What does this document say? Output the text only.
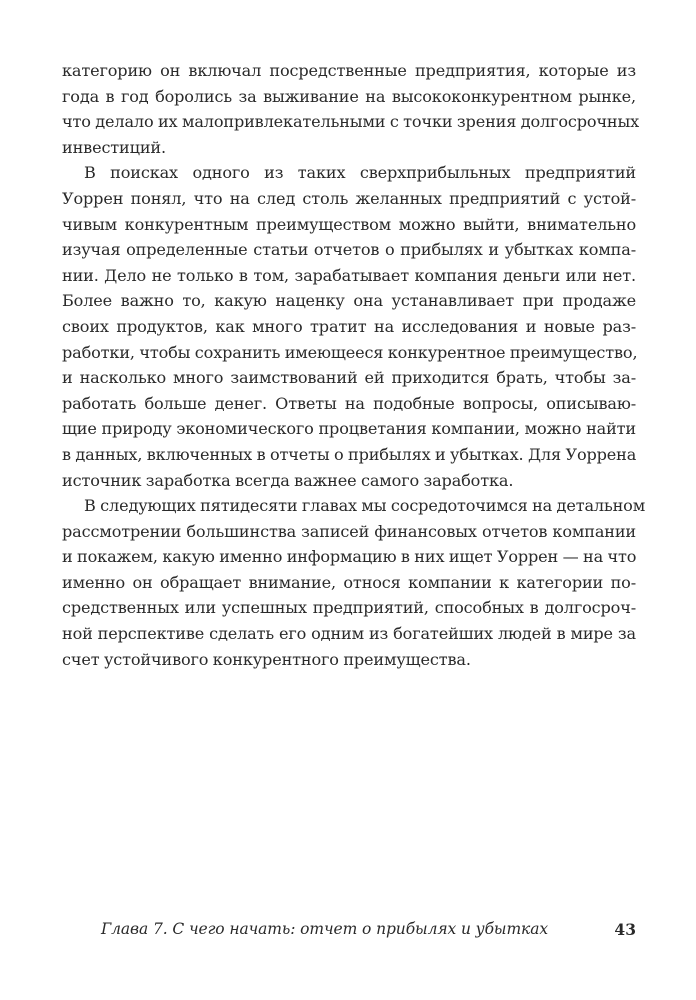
категорию он включал посредственные предприятия, которые из
года в год боролись за выживание на высококонкурентном рынке,
что делало их малопривлекательными с точки зрения долгосрочных
инвестиций.
В поисках одного из таких сверхприбыльных предприятий
Уоррен понял, что на след столь желанных предприятий с устой-
чивым конкурентным преимуществом можно выйти, внимательно
изучая определенные статьи отчетов о прибылях и убытках компа-
нии. Дело не только в том, зарабатывает компания деньги или нет.
Более важно то, какую наценку она устанавливает при продаже
своих продуктов, как много тратит на исследования и новые раз-
работки, чтобы сохранить имеющееся конкурентное преимущество,
и насколько много заимствований ей приходится брать, чтобы за-
работать больше денег. Ответы на подобные вопросы, описываю-
щие природу экономического процветания компании, можно найти
в данных, включенных в отчеты о прибылях и убытках. Для Уоррена
источник заработка всегда важнее самого заработка.
В следующих пятидесяти главах мы сосредоточимся на детальном
рассмотрении большинства записей финансовых отчетов компании
и покажем, какую именно информацию в них ищет Уоррен — на что
именно он обращает внимание, относя компании к категории по-
средственных или успешных предприятий, способных в долгосроч-
ной перспективе сделать его одним из богатейших людей в мире за
счет устойчивого конкурентного преимущества.
Глава 7. С чего начать: отчет о прибылях и убытках	43
